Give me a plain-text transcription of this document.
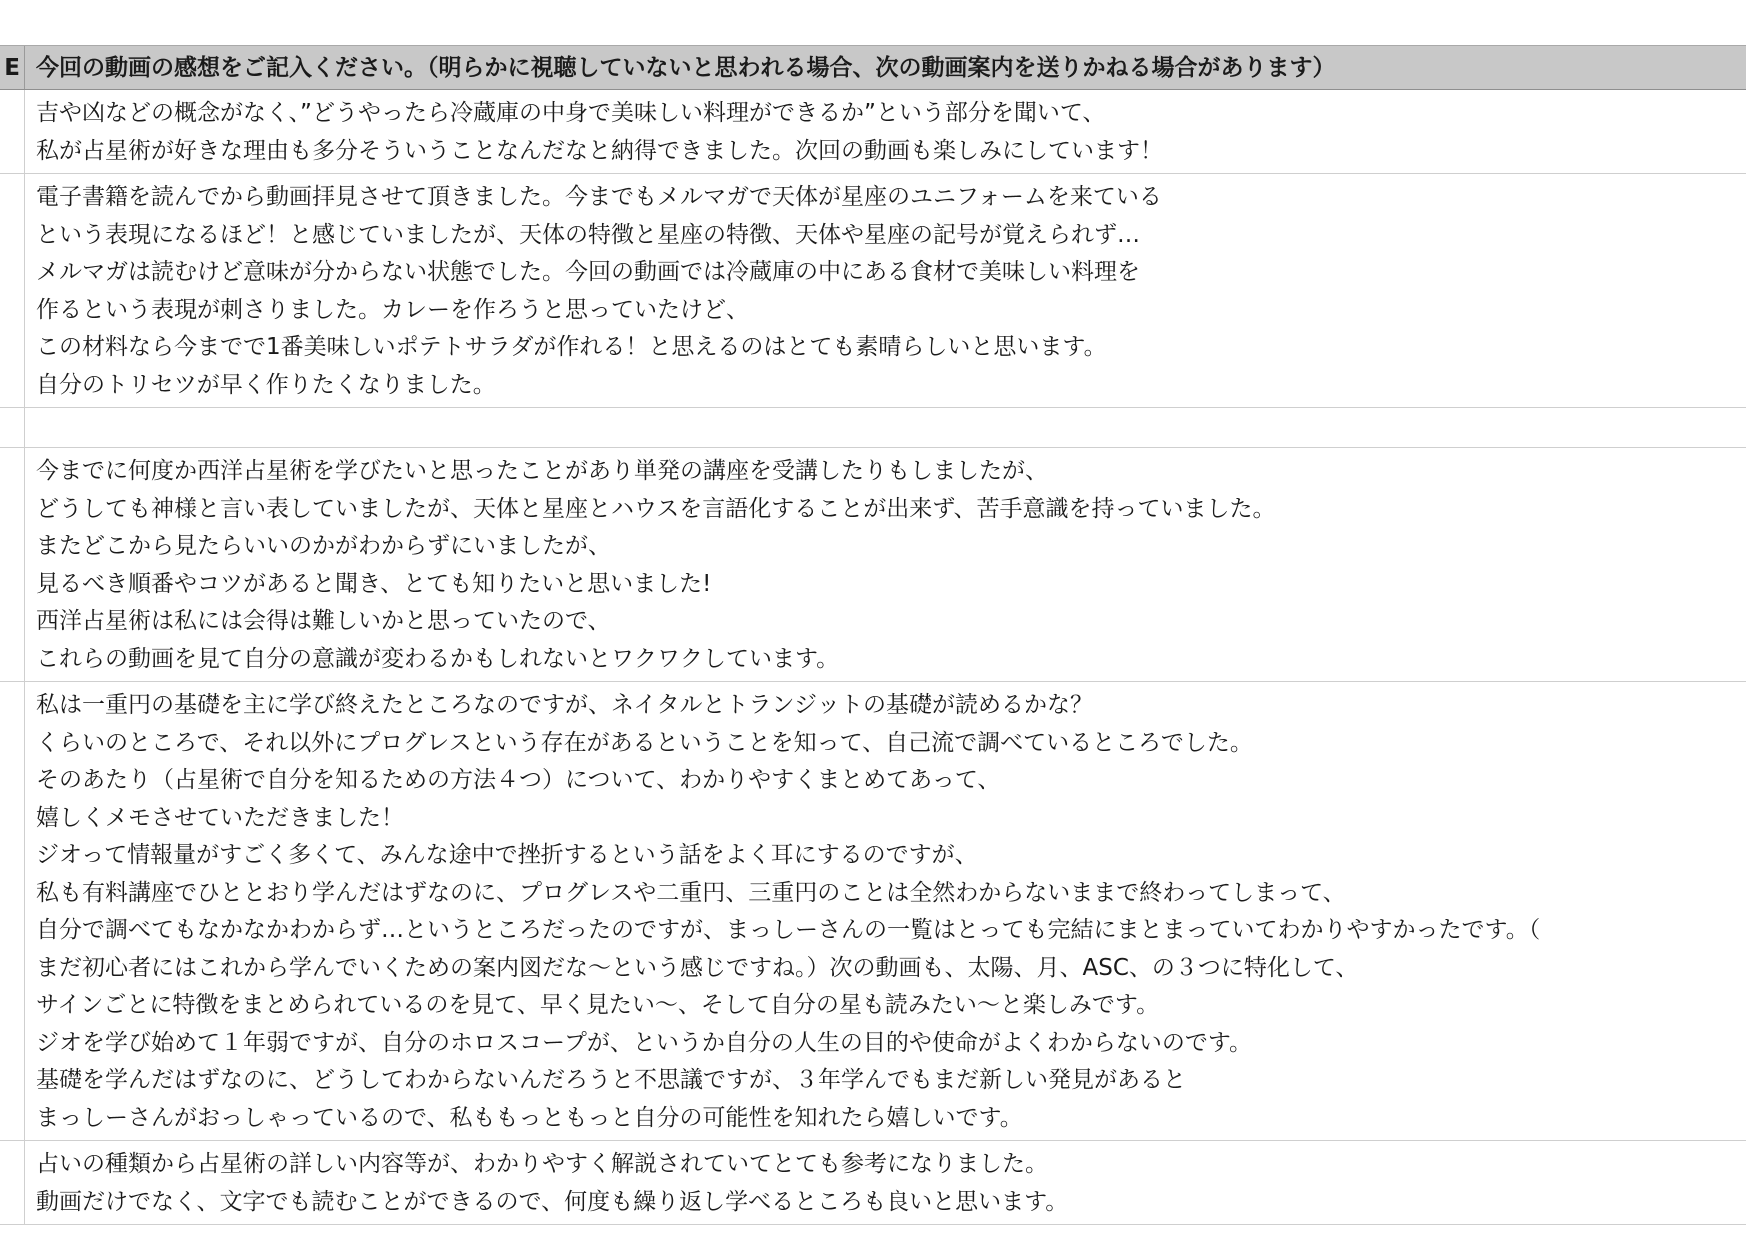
E 今回の動画の感想をご記入ください。（明らかに視聴していないと思われる場合、次の動画案内を送りかねる場合があります）
吉や凶などの概念がなく、”どうやったら冷蔵庫の中身で美味しい料理ができるか”という部分を聞いて、
私が占星術が好きな理由も多分そういうことなんだなと納得できました。次回の動画も楽しみにしています！
電子書籍を読んでから動画拝見させて頂きました。今までもメルマガで天体が星座のユニフォームを来ている
という表現になるほど！と感じていましたが、天体の特徴と星座の特徴、天体や星座の記号が覚えられず…
メルマガは読むけど意味が分からない状態でした。今回の動画では冷蔵庫の中にある食材で美味しい料理を
作るという表現が刺さりました。カレーを作ろうと思っていたけど、
この材料なら今までで1番美味しいポテトサラダが作れる！と思えるのはとても素晴らしいと思います。
自分のトリセツが早く作りたくなりました。
今までに何度か西洋占星術を学びたいと思ったことがあり単発の講座を受講したりもしましたが、
どうしても神様と言い表していましたが、天体と星座とハウスを言語化することが出来ず、苦手意識を持っていました。
またどこから見たらいいのかがわからずにいましたが、
見るべき順番やコツがあると聞き、とても知りたいと思いました!
西洋占星術は私には会得は難しいかと思っていたので、
これらの動画を見て自分の意識が変わるかもしれないとワクワクしています。
私は一重円の基礎を主に学び終えたところなのですが、ネイタルとトランジットの基礎が読めるかな？
くらいのところで、それ以外にプログレスという存在があるということを知って、自己流で調べているところでした。
そのあたり（占星術で自分を知るための方法４つ）について、わかりやすくまとめてあって、
嬉しくメモさせていただきました！
ジオって情報量がすごく多くて、みんな途中で挫折するという話をよく耳にするのですが、
私も有料講座でひととおり学んだはずなのに、プログレスや二重円、三重円のことは全然わからないままで終わってしまって、
自分で調べてもなかなかわからず…というところだったのですが、まっしーさんの一覧はとっても完結にまとまっていてわかりやすかったです。（
まだ初心者にはこれから学んでいくための案内図だな〜という感じですね。）次の動画も、太陽、月、ASC、の３つに特化して、
サインごとに特徴をまとめられているのを見て、早く見たい〜、そして自分の星も読みたい〜と楽しみです。
ジオを学び始めて１年弱ですが、自分のホロスコープが、というか自分の人生の目的や使命がよくわからないのです。
基礎を学んだはずなのに、どうしてわからないんだろうと不思議ですが、３年学んでもまだ新しい発見があると
まっしーさんがおっしゃっているので、私ももっともっと自分の可能性を知れたら嬉しいです。
占いの種類から占星術の詳しい内容等が、わかりやすく解説されていてとても参考になりました。
動画だけでなく、文字でも読むことができるので、何度も繰り返し学べるところも良いと思います。
